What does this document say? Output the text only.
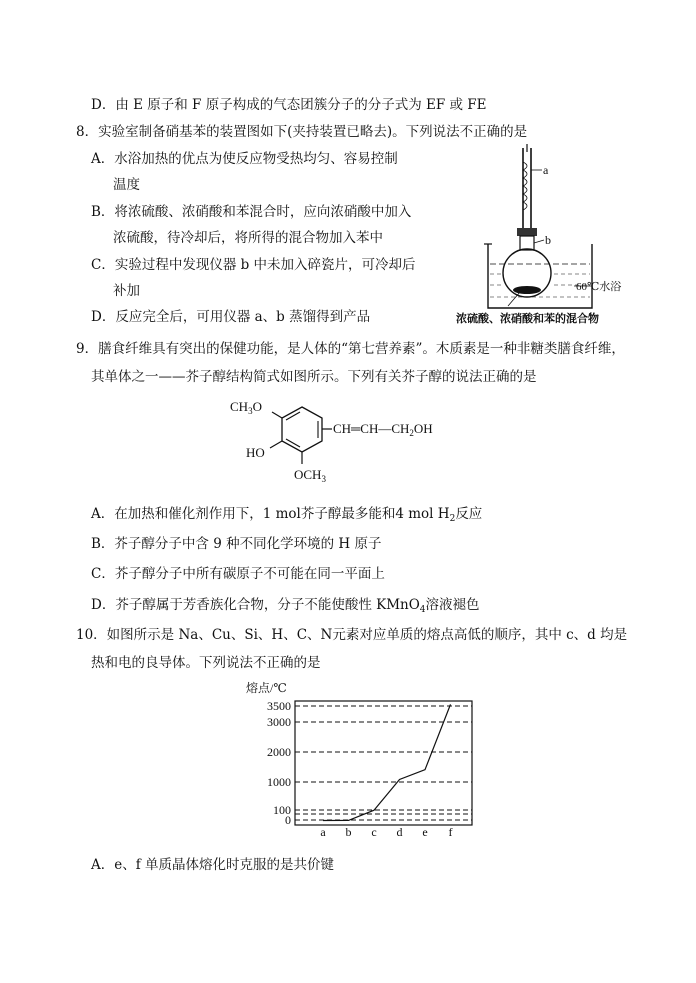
D．由 E 原子和 F 原子构成的气态团簇分子的分子式为 EF 或 FE
8．实验室制备硝基苯的装置图如下(夹持装置已略去)。下列说法不正确的是
A．水浴加热的优点为使反应物受热均匀、容易控制
温度
B．将浓硫酸、浓硝酸和苯混合时，应向浓硝酸中加入
浓硫酸，待冷却后，将所得的混合物加入苯中
C．实验过程中发现仪器 b 中未加入碎瓷片，可冷却后
补加
D．反应完全后，可用仪器 a、b 蒸馏得到产品
a
b
60℃水浴
浓硫酸、浓硝酸和苯的混合物
9．膳食纤维具有突出的保健功能，是人体的“第七营养素”。木质素是一种非糖类膳食纤维，
其单体之一——芥子醇结构简式如图所示。下列有关芥子醇的说法正确的是
$CH_3O$
HO
$OCH_3$
$CH═CH—CH_2OH$
A．在加热和催化剂作用下，1 mol芥子醇最多能和4 mol $H_2$反应
B．芥子醇分子中含 9 种不同化学环境的 H 原子
C．芥子醇分子中所有碳原子不可能在同一平面上
D．芥子醇属于芳香族化合物，分子不能使酸性 KMnO$_4$溶液褪色
10．如图所示是 Na、Cu、Si、H、C、N元素对应单质的熔点高低的顺序，其中 c、d 均是
热和电的良导体。下列说法不正确的是
熔点/℃
0
100
1000
2000
3000
3500
a b c d e f
A．e、f 单质晶体熔化时克服的是共价键
